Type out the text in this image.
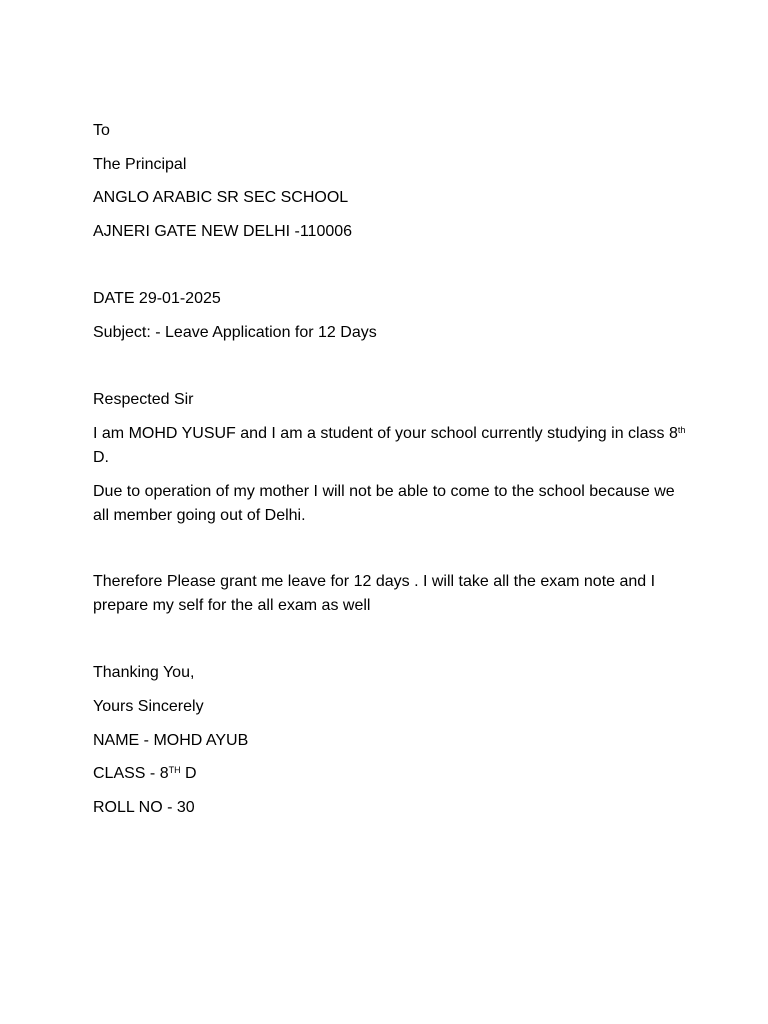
To
The Principal
ANGLO ARABIC SR SEC SCHOOL
AJNERI GATE NEW DELHI -110006
DATE 29-01-2025
Subject: - Leave Application for 12 Days
Respected Sir
I am MOHD YUSUF and I am a student of your school currently studying in class 8th D.
Due to operation of my mother I will not be able to come to the school because we all member going out of Delhi.
Therefore Please grant me leave for 12 days . I will take all the exam note and I prepare my self for the all exam as well
Thanking You,
Yours Sincerely
NAME - MOHD AYUB
CLASS - 8TH D
ROLL NO - 30
